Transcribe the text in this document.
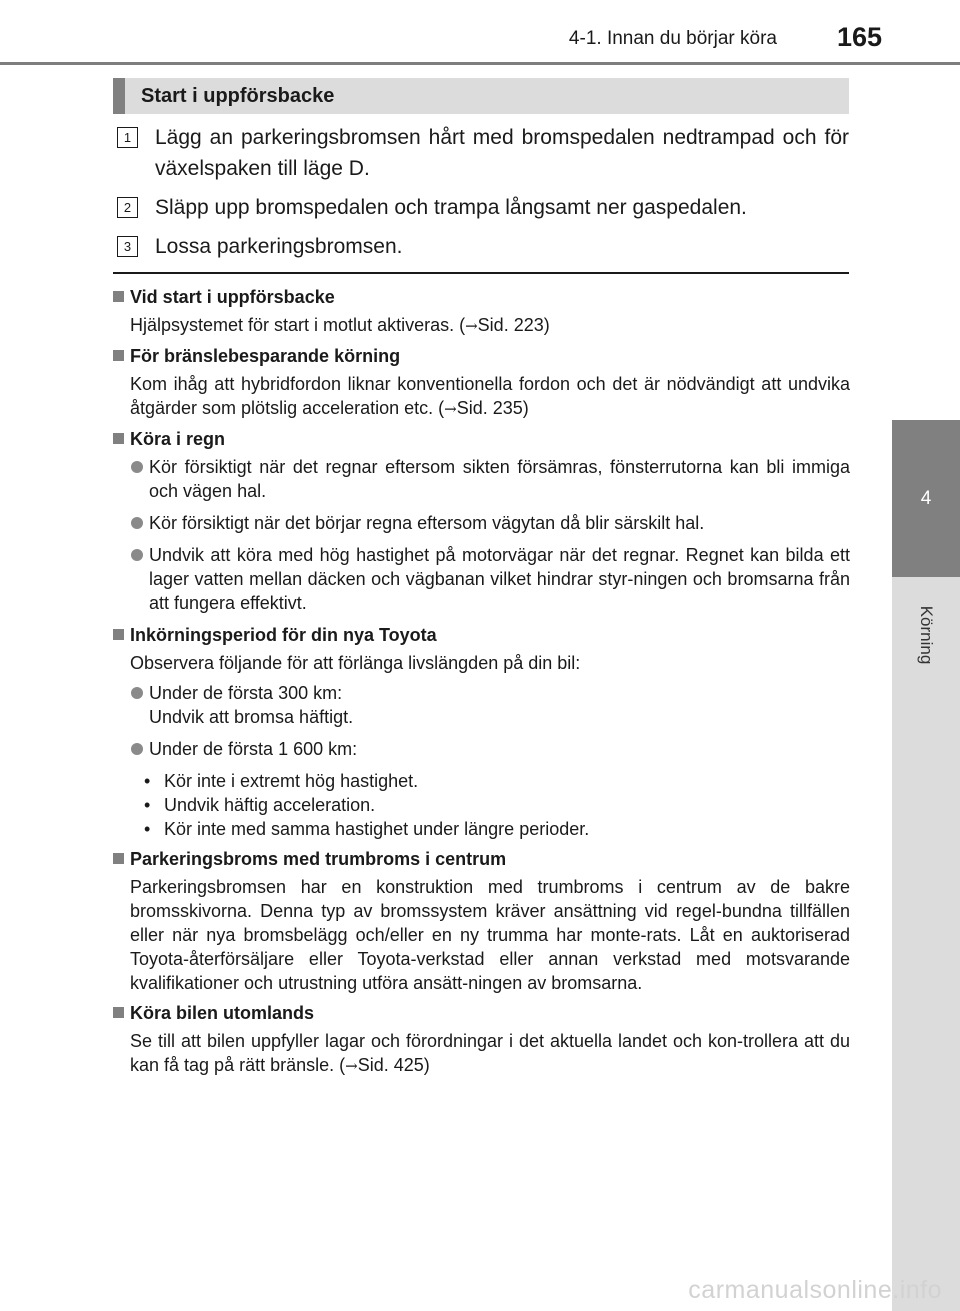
4-1. Innan du börjar köra 165
4
Körning
Start i uppförsbacke
1	Lägg an parkeringsbromsen hårt med bromspedalen nedtrampad och för växelspaken till läge D.
2	Släpp upp bromspedalen och trampa långsamt ner gaspedalen.
3	Lossa parkeringsbromsen.
Vid start i uppförsbacke
Hjälpsystemet för start i motlut aktiveras. (→Sid. 223)
För bränslebesparande körning
Kom ihåg att hybridfordon liknar konventionella fordon och det är nödvändigt att undvika åtgärder som plötslig acceleration etc. (→Sid. 235)
Köra i regn
Kör försiktigt när det regnar eftersom sikten försämras, fönsterrutorna kan bli immiga och vägen hal.
Kör försiktigt när det börjar regna eftersom vägytan då blir särskilt hal.
Undvik att köra med hög hastighet på motorvägar när det regnar. Regnet kan bilda ett lager vatten mellan däcken och vägbanan vilket hindrar styr-ningen och bromsarna från att fungera effektivt.
Inkörningsperiod för din nya Toyota
Observera följande för att förlänga livslängden på din bil:
Under de första 300 km:
Undvik att bromsa häftigt.
Under de första 1 600 km:
• Kör inte i extremt hög hastighet.
• Undvik häftig acceleration.
• Kör inte med samma hastighet under längre perioder.
Parkeringsbroms med trumbroms i centrum
Parkeringsbromsen har en konstruktion med trumbroms i centrum av de bakre bromsskivorna. Denna typ av bromssystem kräver ansättning vid regel-bundna tillfällen eller när nya bromsbelägg och/eller en ny trumma har monte-rats. Låt en auktoriserad Toyota-återförsäljare eller Toyota-verkstad eller annan verkstad med motsvarande kvalifikationer och utrustning utföra ansätt-ningen av bromsarna.
Köra bilen utomlands
Se till att bilen uppfyller lagar och förordningar i det aktuella landet och kon-trollera att du kan få tag på rätt bränsle. (→Sid. 425)
carmanualsonline.info
